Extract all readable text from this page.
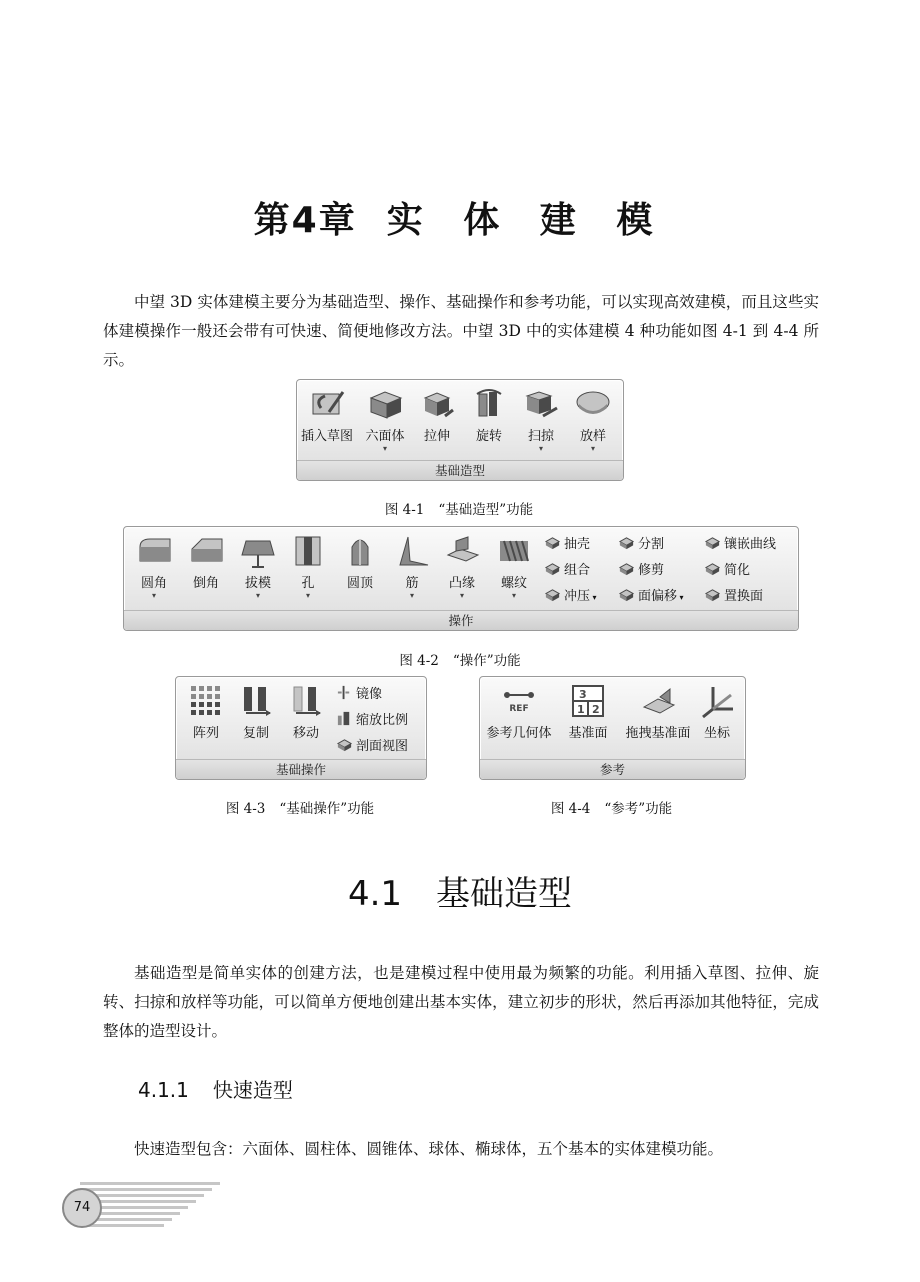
第4章 实 体 建 模

中望 3D 实体建模主要分为基础造型、操作、基础操作和参考功能，可以实现高效建模，而且这些实体建模操作一般还会带有可快速、简便地修改方法。中望 3D 中的实体建模 4 种功能如图 4-1 到 4-4 所示。

插入草图 六面体
▾
拉伸	旋转	扫掠
▾
放样
▾
基础造型
图 4-1 “基础造型”功能
圆角
▾
倒角	拔模
▾
孔
▾
圆顶	筋
▾
凸缘
▾
螺纹
▾
抽壳
组合
冲压 ▾
分割
修剪
面偏移 ▾
镶嵌曲线
简化
置换面
操作
图 4-2 “操作”功能
阵列	复制	移动
镜像
缩放比例
剖面视图
基础操作
图 4-3 “基础操作”功能
REF
参考几何体
3
1 2
基准面	拖拽基准面	坐标
参考
图 4-4 “参考”功能
4.1 基础造型

基础造型是简单实体的创建方法，也是建模过程中使用最为频繁的功能。利用插入草图、拉伸、旋转、扫掠和放样等功能，可以简单方便地创建出基本实体，建立初步的形状，然后再添加其他特征，完成整体的造型设计。

4.1.1 快速造型

快速造型包含：六面体、圆柱体、圆锥体、球体、椭球体，五个基本的实体建模功能。

74
